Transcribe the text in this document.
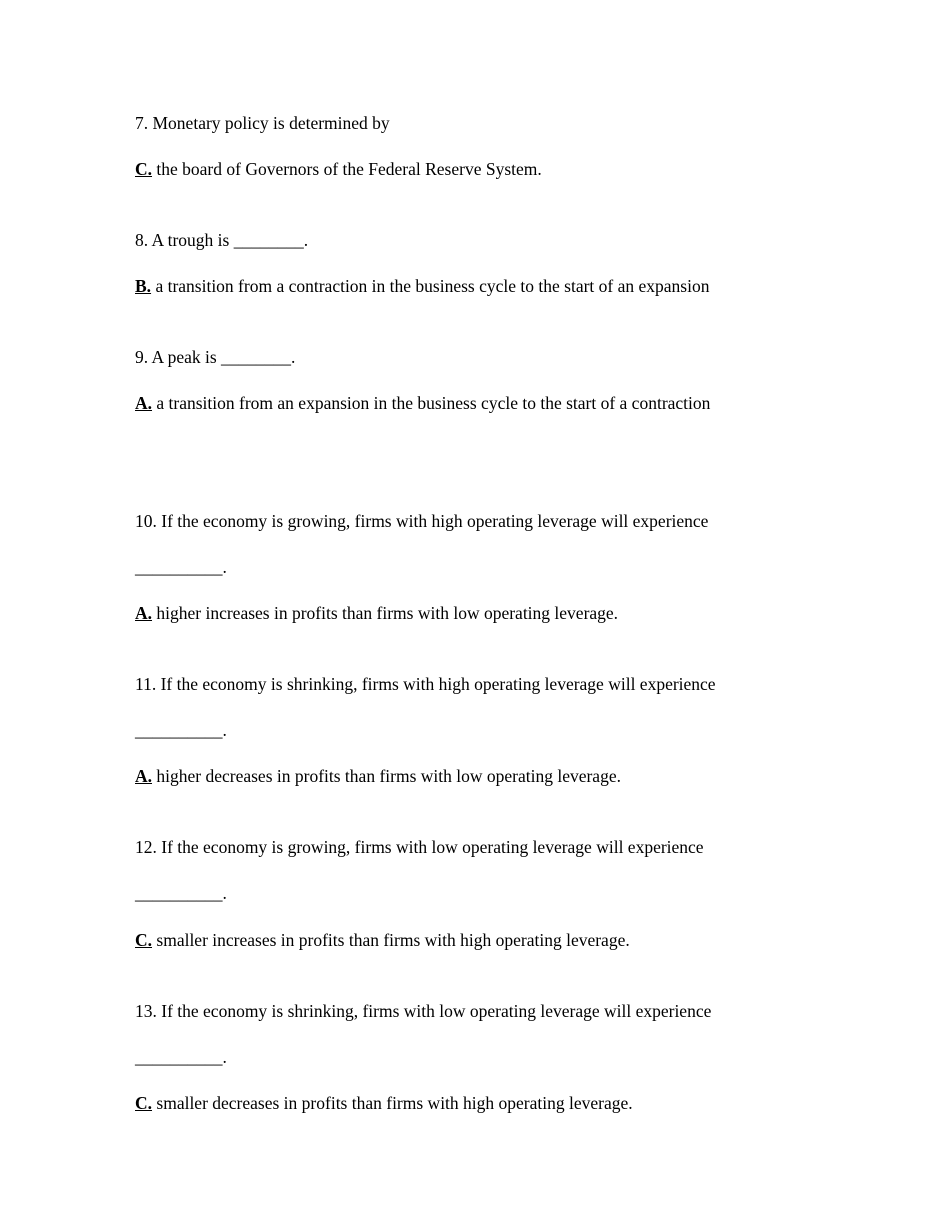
7. Monetary policy is determined by

C. the board of Governors of the Federal Reserve System.

8. A trough is ________.

B. a transition from a contraction in the business cycle to the start of an expansion

9. A peak is ________.

A. a transition from an expansion in the business cycle to the start of a contraction

10. If the economy is growing, firms with high operating leverage will experience

__________.

A. higher increases in profits than firms with low operating leverage.

11. If the economy is shrinking, firms with high operating leverage will experience

__________.

A. higher decreases in profits than firms with low operating leverage.

12. If the economy is growing, firms with low operating leverage will experience

__________.

C. smaller increases in profits than firms with high operating leverage.

13. If the economy is shrinking, firms with low operating leverage will experience

__________.

C. smaller decreases in profits than firms with high operating leverage.
